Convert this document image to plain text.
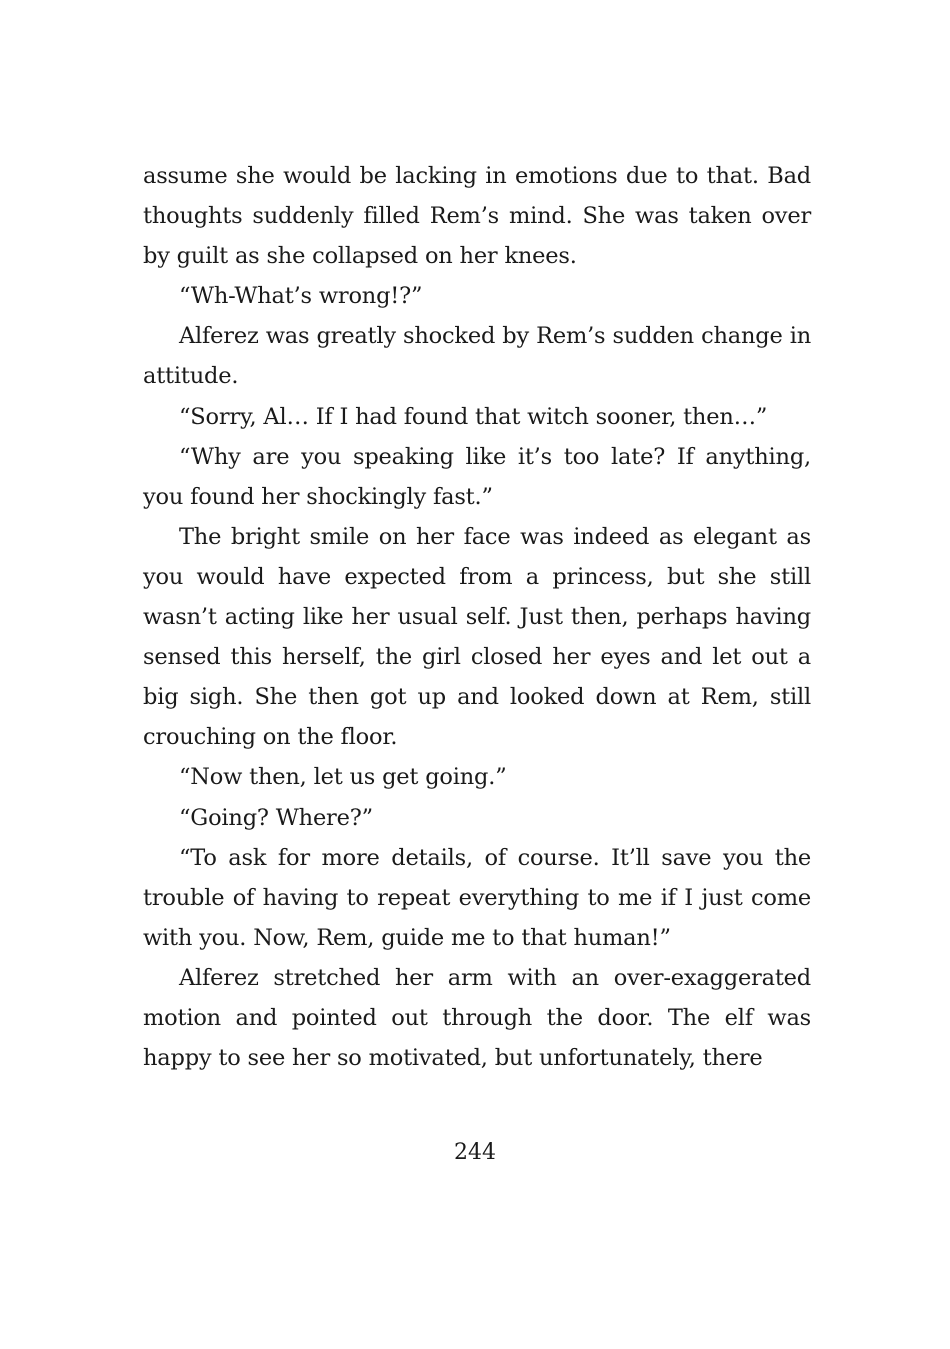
assume she would be lacking in emotions due to that. Bad thoughts suddenly filled Rem’s mind. She was taken over by guilt as she collapsed on her knees.

“Wh-What’s wrong!?”

Alferez was greatly shocked by Rem’s sudden change in attitude.

“Sorry, Al… If I had found that witch sooner, then…”

“Why are you speaking like it’s too late? If anything, you found her shockingly fast.”

The bright smile on her face was indeed as elegant as you would have expected from a princess, but she still wasn’t acting like her usual self. Just then, perhaps having sensed this herself, the girl closed her eyes and let out a big sigh. She then got up and looked down at Rem, still crouching on the floor.

“Now then, let us get going.”

“Going? Where?”

“To ask for more details, of course. It’ll save you the trouble of having to repeat everything to me if I just come with you. Now, Rem, guide me to that human!”

Alferez stretched her arm with an over-exaggerated motion and pointed out through the door. The elf was happy to see her so motivated, but unfortunately, there

244
